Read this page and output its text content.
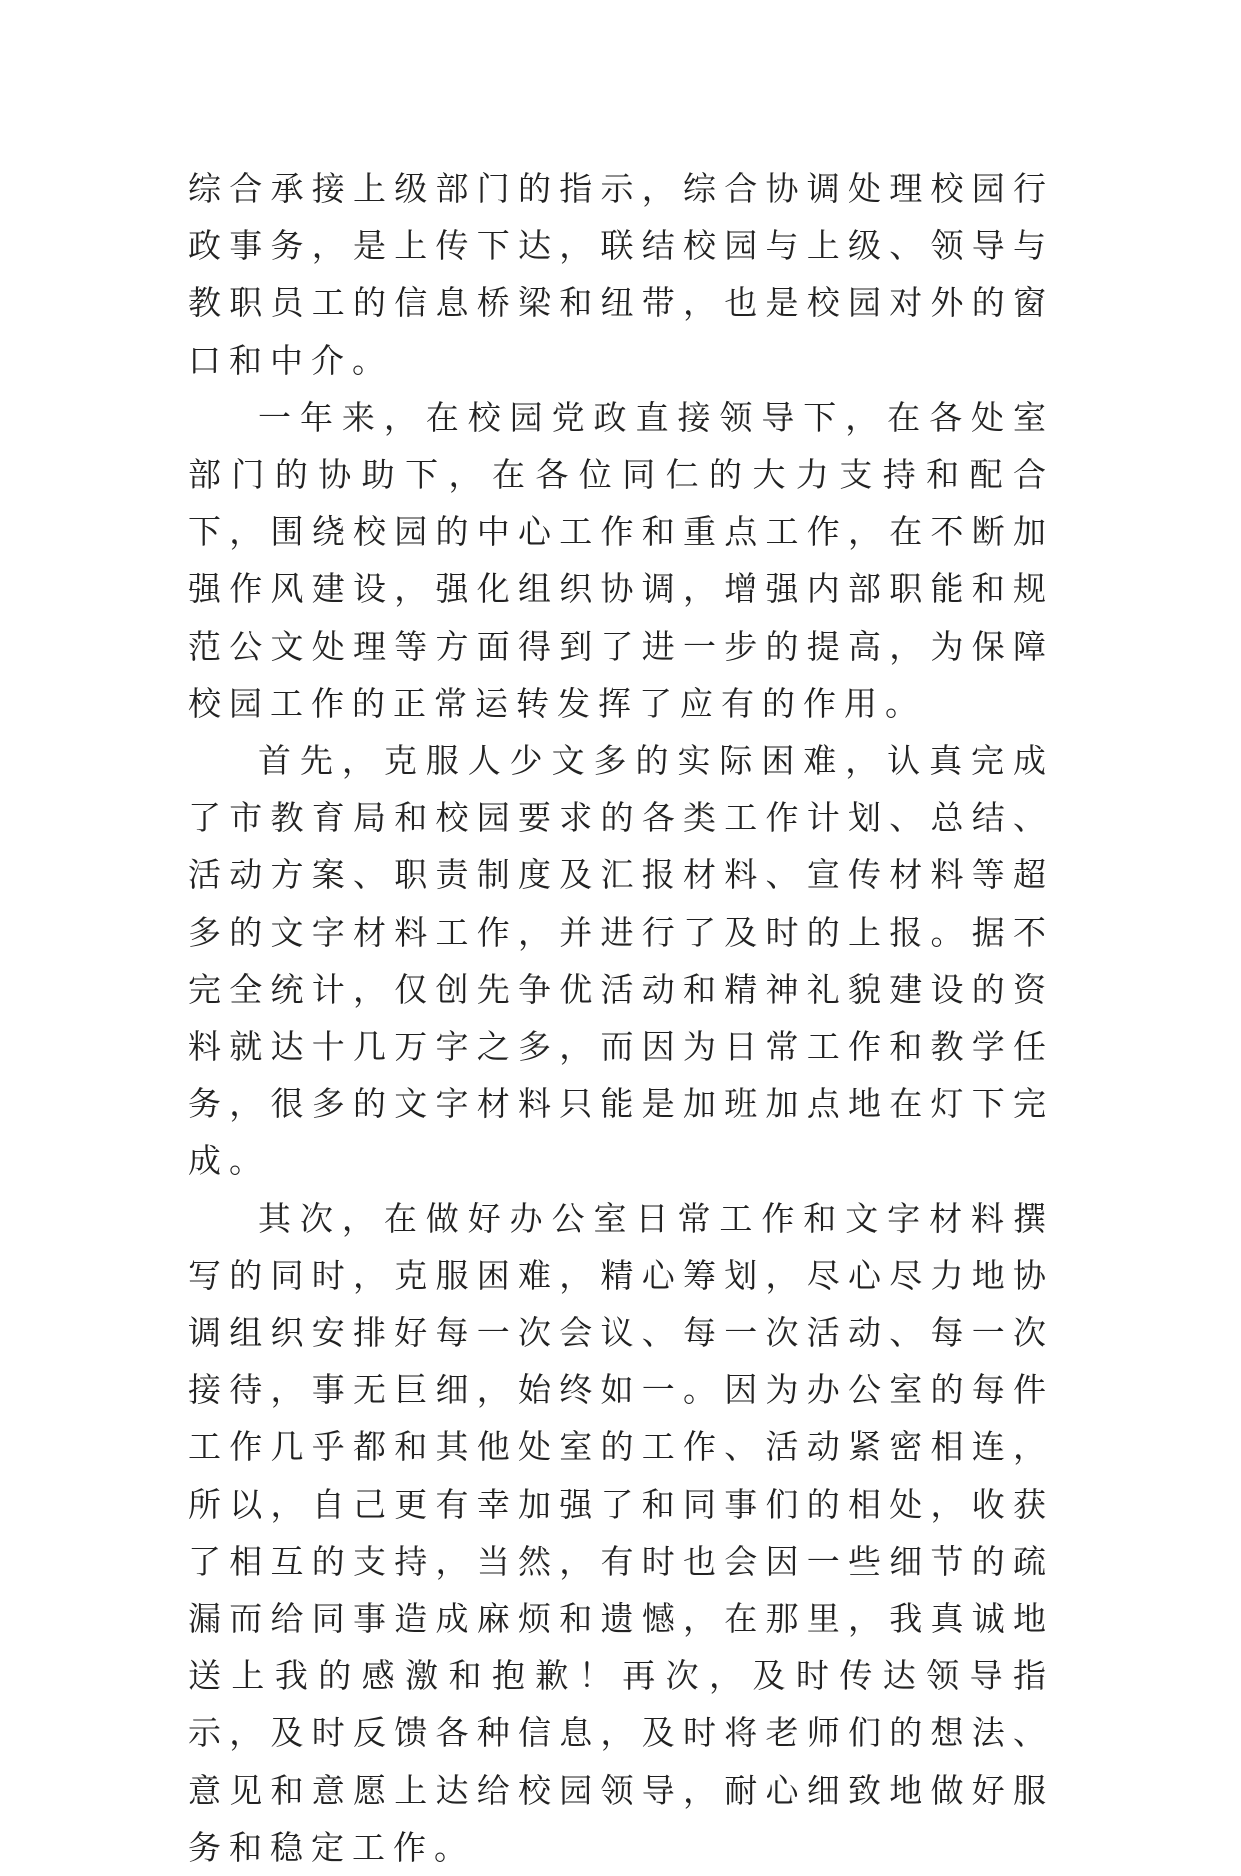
综合承接上级部门的指示，综合协调处理校园行政事务，是上传下达，联结校园与上级、领导与教职员工的信息桥梁和纽带，也是校园对外的窗口和中介。

一年来，在校园党政直接领导下，在各处室部门的协助下，在各位同仁的大力支持和配合下，围绕校园的中心工作和重点工作，在不断加强作风建设，强化组织协调，增强内部职能和规范公文处理等方面得到了进一步的提高，为保障校园工作的正常运转发挥了应有的作用。

首先，克服人少文多的实际困难，认真完成了市教育局和校园要求的各类工作计划、总结、活动方案、职责制度及汇报材料、宣传材料等超多的文字材料工作，并进行了及时的上报。据不完全统计，仅创先争优活动和精神礼貌建设的资料就达十几万字之多，而因为日常工作和教学任务，很多的文字材料只能是加班加点地在灯下完成。

其次，在做好办公室日常工作和文字材料撰写的同时，克服困难，精心筹划，尽心尽力地协调组织安排好每一次会议、每一次活动、每一次接待，事无巨细，始终如一。因为办公室的每件工作几乎都和其他处室的工作、活动紧密相连，所以，自己更有幸加强了和同事们的相处，收获了相互的支持，当然，有时也会因一些细节的疏漏而给同事造成麻烦和遗憾，在那里，我真诚地送上我的感激和抱歉！再次，及时传达领导指示，及时反馈各种信息，及时将老师们的想法、意见和意愿上达给校园领导，耐心细致地做好服务和稳定工作。
